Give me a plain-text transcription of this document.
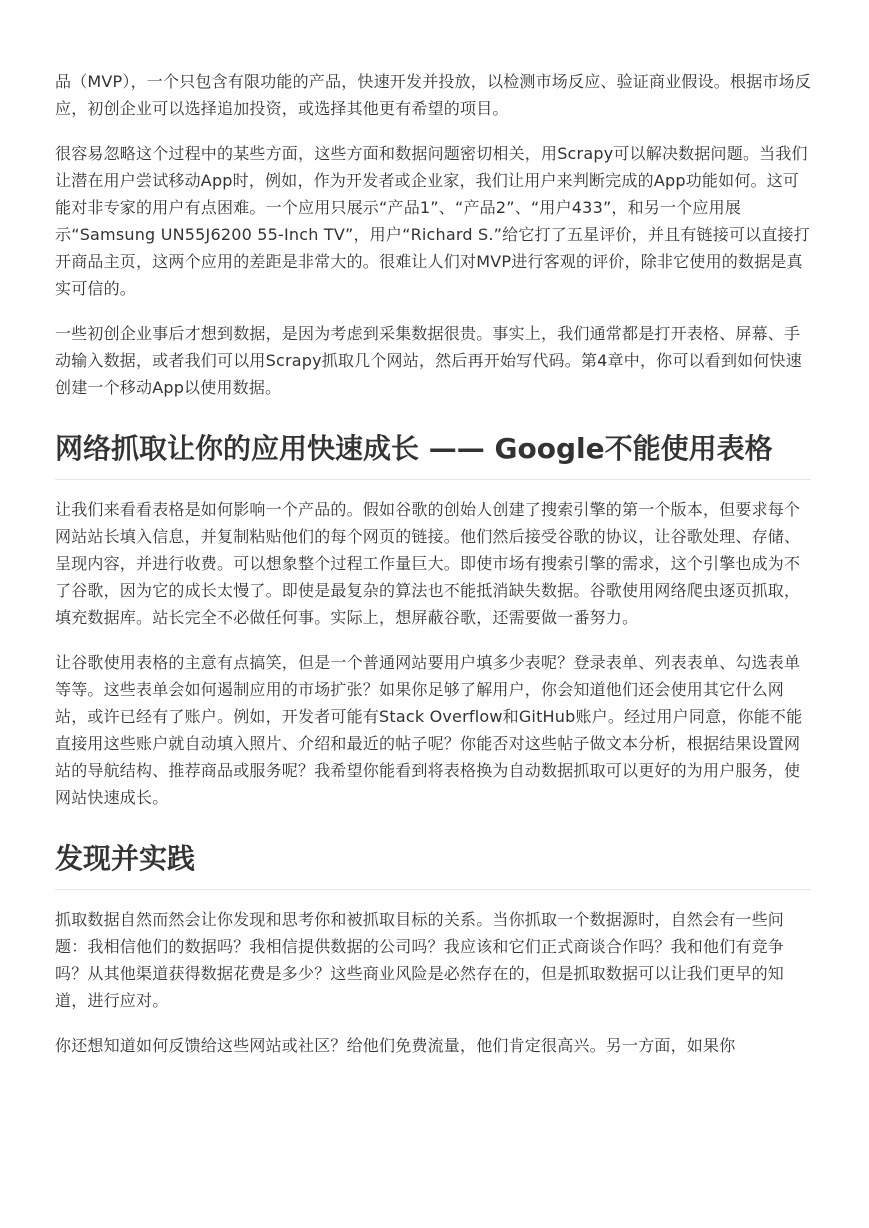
品（MVP），一个只包含有限功能的产品，快速开发并投放，以检测市场反应、验证商业假设。根据市场反应，初创企业可以选择追加投资，或选择其他更有希望的项目。

很容易忽略这个过程中的某些方面，这些方面和数据问题密切相关，用Scrapy可以解决数据问题。当我们让潜在用户尝试移动App时，例如，作为开发者或企业家，我们让用户来判断完成的App功能如何。这可能对非专家的用户有点困难。一个应用只展示“产品1”、“产品2”、“用户433”，和另一个应用展示“Samsung UN55J6200 55-Inch TV”，用户“Richard S.”给它打了五星评价，并且有链接可以直接打开商品主页，这两个应用的差距是非常大的。很难让人们对MVP进行客观的评价，除非它使用的数据是真实可信的。

一些初创企业事后才想到数据，是因为考虑到采集数据很贵。事实上，我们通常都是打开表格、屏幕、手动输入数据，或者我们可以用Scrapy抓取几个网站，然后再开始写代码。第4章中，你可以看到如何快速创建一个移动App以使用数据。

网络抓取让你的应用快速成长 —— Google不能使用表格

让我们来看看表格是如何影响一个产品的。假如谷歌的创始人创建了搜索引擎的第一个版本，但要求每个网站站长填入信息，并复制粘贴他们的每个网页的链接。他们然后接受谷歌的协议，让谷歌处理、存储、呈现内容，并进行收费。可以想象整个过程工作量巨大。即使市场有搜索引擎的需求，这个引擎也成为不了谷歌，因为它的成长太慢了。即使是最复杂的算法也不能抵消缺失数据。谷歌使用网络爬虫逐页抓取，填充数据库。站长完全不必做任何事。实际上，想屏蔽谷歌，还需要做一番努力。

让谷歌使用表格的主意有点搞笑，但是一个普通网站要用户填多少表呢？登录表单、列表表单、勾选表单等等。这些表单会如何遏制应用的市场扩张？如果你足够了解用户，你会知道他们还会使用其它什么网站，或许已经有了账户。例如，开发者可能有Stack Overflow和GitHub账户。经过用户同意，你能不能直接用这些账户就自动填入照片、介绍和最近的帖子呢？你能否对这些帖子做文本分析，根据结果设置网站的导航结构、推荐商品或服务呢？我希望你能看到将表格换为自动数据抓取可以更好的为用户服务，使网站快速成长。

发现并实践

抓取数据自然而然会让你发现和思考你和被抓取目标的关系。当你抓取一个数据源时，自然会有一些问题：我相信他们的数据吗？我相信提供数据的公司吗？我应该和它们正式商谈合作吗？我和他们有竞争吗？从其他渠道获得数据花费是多少？这些商业风险是必然存在的，但是抓取数据可以让我们更早的知道，进行应对。

你还想知道如何反馈给这些网站或社区？给他们免费流量，他们肯定很高兴。另一方面，如果你
